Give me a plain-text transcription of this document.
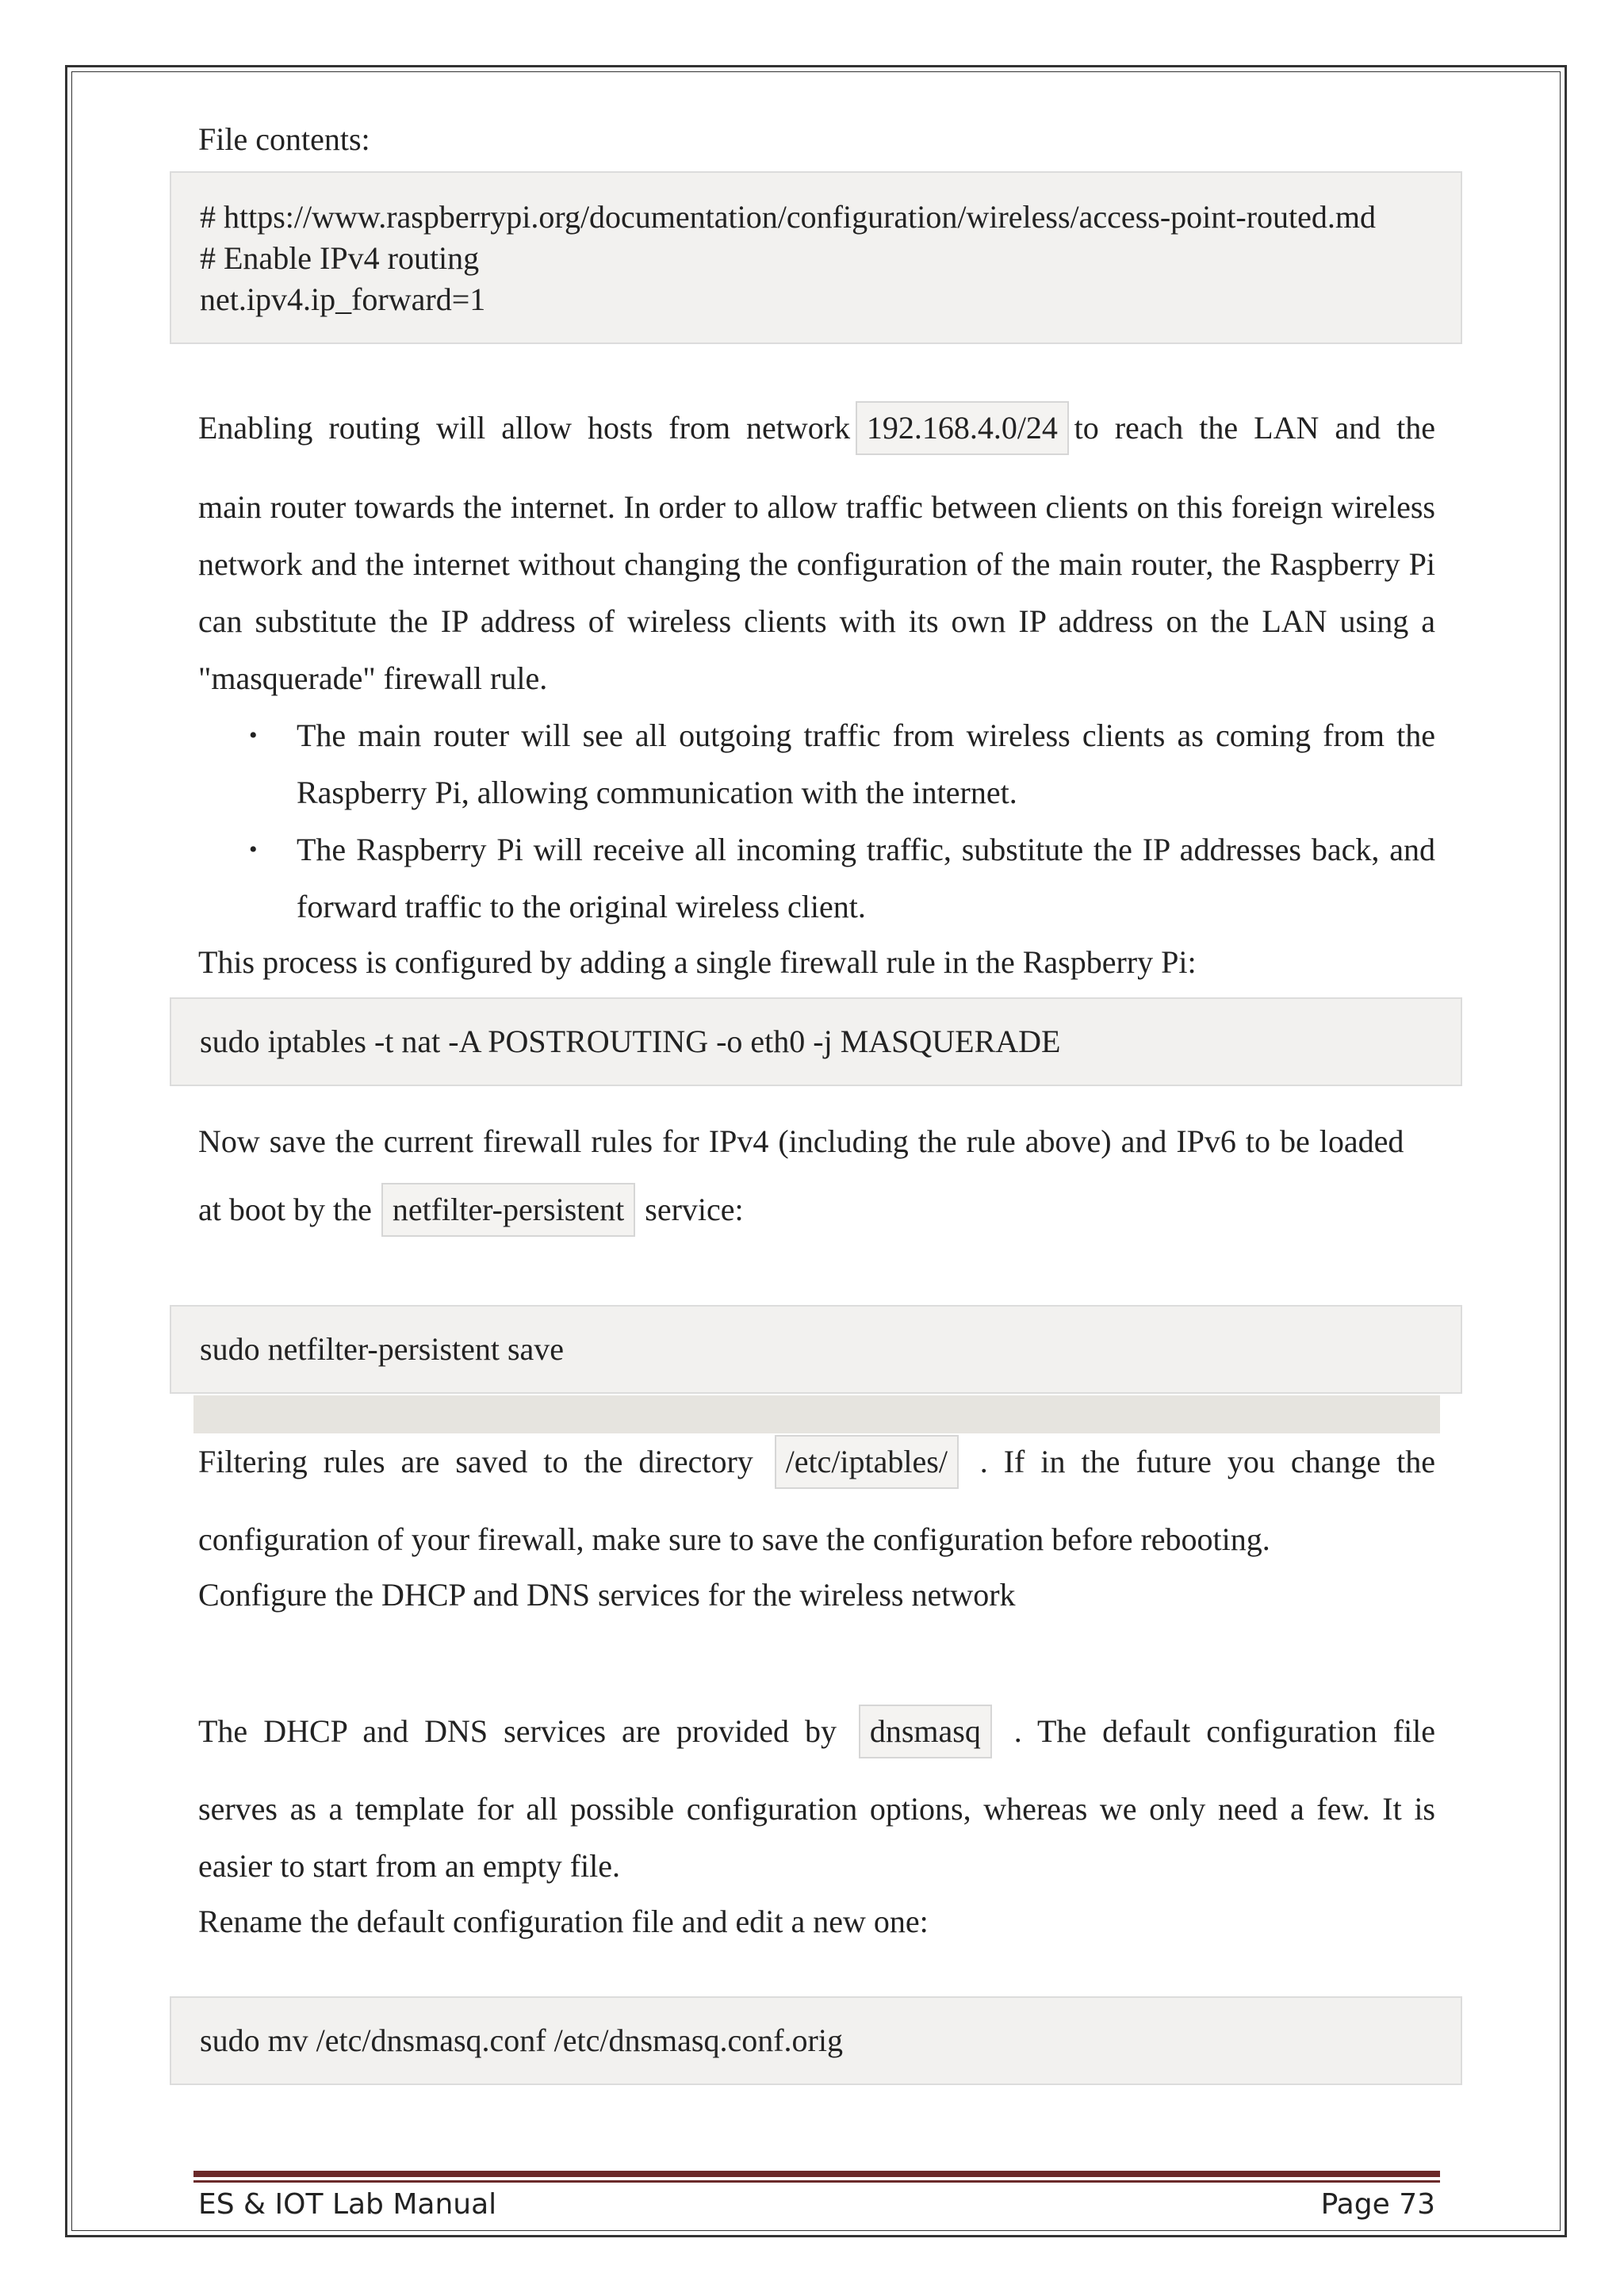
File contents:

# https://www.raspberrypi.org/documentation/configuration/wireless/access-point-routed.md
# Enable IPv4 routing
net.ipv4.ip_forward=1
Enabling routing will allow hosts from network 192.168.4.0/24 to reach the LAN and the

main router towards the internet. In order to allow traffic between clients on this foreign wireless network and the internet without changing the configuration of the main router, the Raspberry Pi can substitute the IP address of wireless clients with its own IP address on the LAN using a "masquerade" firewall rule.

• The main router will see all outgoing traffic from wireless clients as coming from the Raspberry Pi, allowing communication with the internet.
• The Raspberry Pi will receive all incoming traffic, substitute the IP addresses back, and forward traffic to the original wireless client.

This process is configured by adding a single firewall rule in the Raspberry Pi:

sudo iptables -t nat -A POSTROUTING -o eth0 -j MASQUERADE

Now save the current firewall rules for IPv4 (including the rule above) and IPv6 to be loaded

at boot by the netfilter-persistent service:
sudo netfilter-persistent save
Filtering rules are saved to the directory	/etc/iptables/	. If in the future you change the

configuration of your firewall, make sure to save the configuration before rebooting.

Configure the DHCP and DNS services for the wireless network

The DHCP and DNS services are provided by	dnsmasq	. The default configuration file

serves as a template for all possible configuration options, whereas we only need a few. It is easier to start from an empty file.

Rename the default configuration file and edit a new one:

sudo mv /etc/dnsmasq.conf /etc/dnsmasq.conf.orig
ES & IOT Lab Manual	Page 73
